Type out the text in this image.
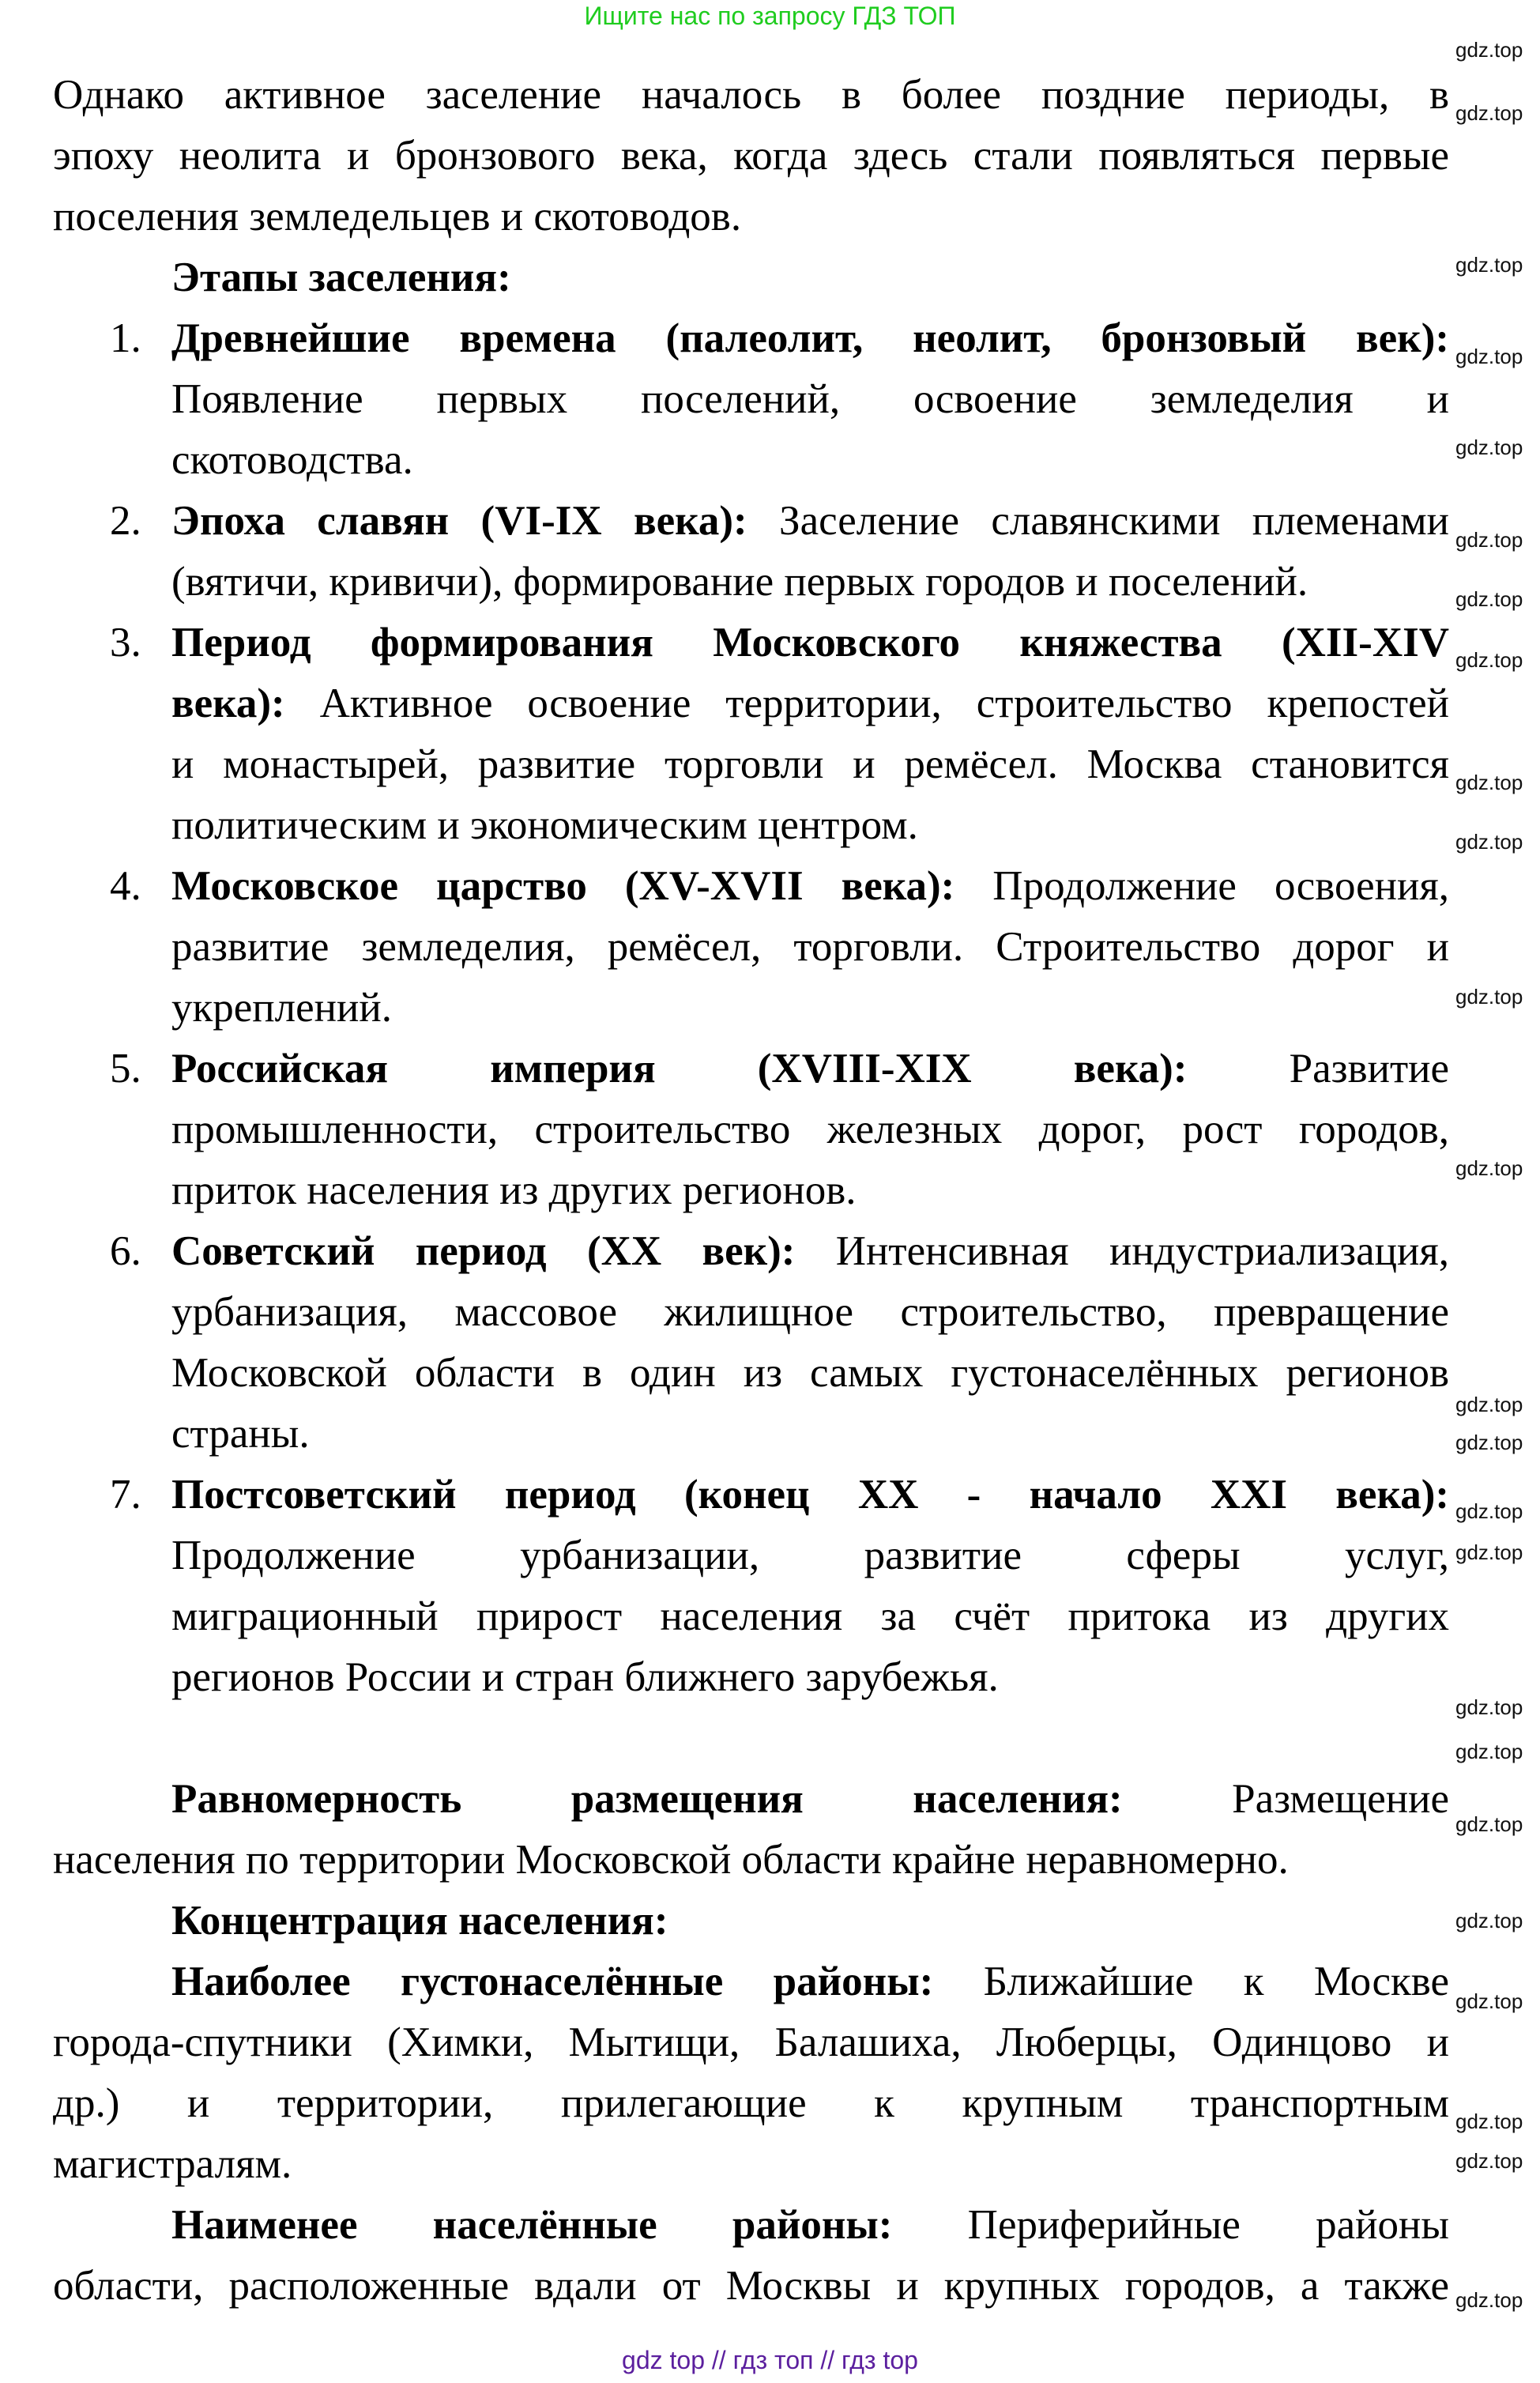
Ищите нас по запросу ГДЗ ТОП
Однако активное заселение началось в более поздние периоды, в
эпоху неолита и бронзового века, когда здесь стали появляться первые
поселения земледельцев и скотоводов.
Этапы заселения:
1. Древнейшие времена (палеолит, неолит, бронзовый век):
Появление первых поселений, освоение земледелия и
скотоводства.
2. Эпоха славян (VI-IX века): Заселение славянскими племенами
(вятичи, кривичи), формирование первых городов и поселений.
3. Период формирования Московского княжества (XII-XIV
века): Активное освоение территории, строительство крепостей
и монастырей, развитие торговли и ремёсел. Москва становится
политическим и экономическим центром.
4. Московское царство (XV-XVII века): Продолжение освоения,
развитие земледелия, ремёсел, торговли. Строительство дорог и
укреплений.
5. Российская империя (XVIII-XIX века): Развитие
промышленности, строительство железных дорог, рост городов,
приток населения из других регионов.
6. Советский период (XX век): Интенсивная индустриализация,
урбанизация, массовое жилищное строительство, превращение
Московской области в один из самых густонаселённых регионов
страны.
7. Постсоветский период (конец XX - начало XXI века):
Продолжение урбанизации, развитие сферы услуг,
миграционный прирост населения за счёт притока из других
регионов России и стран ближнего зарубежья.
Равномерность размещения населения: Размещение
населения по территории Московской области крайне неравномерно.
Концентрация населения:
Наиболее густонаселённые районы: Ближайшие к Москве
города-спутники (Химки, Мытищи, Балашиха, Люберцы, Одинцово и
др.) и территории, прилегающие к крупным транспортным
магистралям.
Наименее населённые районы: Периферийные районы
области, расположенные вдали от Москвы и крупных городов, а также
gdz.top
gdz.top
gdz.top
gdz.top
gdz.top
gdz.top
gdz.top
gdz.top
gdz.top
gdz.top
gdz.top
gdz.top
gdz.top
gdz.top
gdz.top
gdz.top
gdz.top
gdz.top
gdz.top
gdz.top
gdz.top
gdz.top
gdz.top
gdz.top
gdz top // гдз топ // гдз top
